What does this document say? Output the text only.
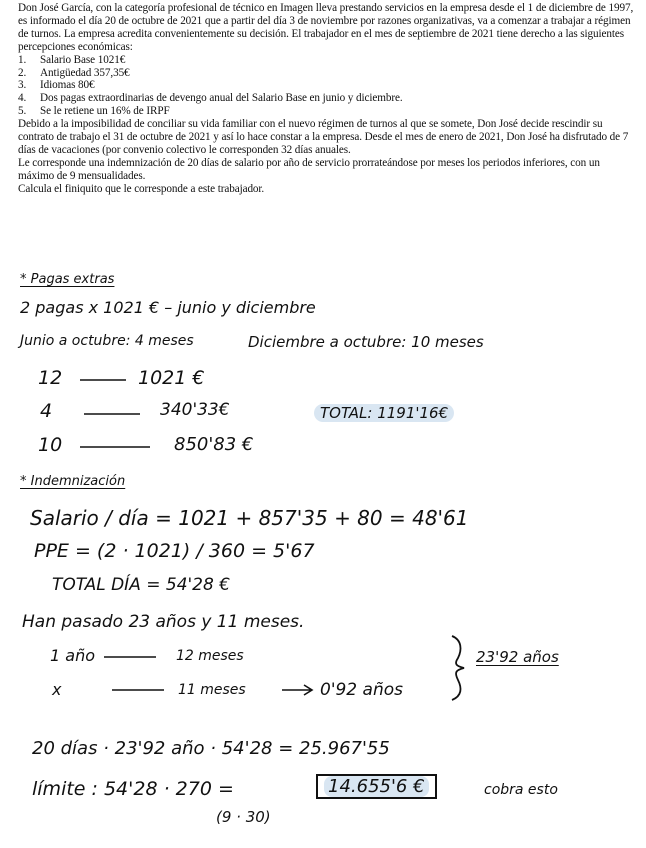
Don José García, con la categoría profesional de técnico en Imagen lleva prestando servicios en la empresa desde el 1 de diciembre de 1997, es informado el día 20 de octubre de 2021 que a partir del día 3 de noviembre por razones organizativas, va a comenzar a trabajar a régimen de turnos. La empresa acredita convenientemente su decisión. El trabajador en el mes de septiembre de 2021 tiene derecho a las siguientes percepciones económicas:

1. Salario Base 1021€
2. Antigüedad 357,35€
3. Idiomas 80€
4. Dos pagas extraordinarias de devengo anual del Salario Base en junio y diciembre.
5. Se le retiene un 16% de IRPF

Debido a la imposibilidad de conciliar su vida familiar con el nuevo régimen de turnos al que se somete, Don José decide rescindir su contrato de trabajo el 31 de octubre de 2021 y así lo hace constar a la empresa. Desde el mes de enero de 2021, Don José ha disfrutado de 7 días de vacaciones (por convenio colectivo le corresponden 32 días anuales.

Le corresponde una indemnización de 20 días de salario por año de servicio prorrateándose por meses los periodos inferiores, con un máximo de 9 mensualidades.

Calcula el finiquito que le corresponde a este trabajador.

* Pagas extras
2 pagas x 1021 € – junio y diciembre
Junio a octubre: 4 meses	Diciembre a octubre: 10 meses
12	1021 €
4	340'33€
10	850'83 €
TOTAL: 1191'16€
* Indemnización
Salario / día = 1021 + 857'35 + 80 = 48'61
PPE = (2 · 1021) / 360 = 5'67
TOTAL DÍA = 54'28 €
Han pasado 23 años y 11 meses.
1 año	12 meses
x	11 meses	0'92 años
23'92 años
20 días · 23'92 año · 54'28 = 25.967'55
límite : 54'28 · 270 =	14.655'6 €	cobra esto
(9 · 30)
